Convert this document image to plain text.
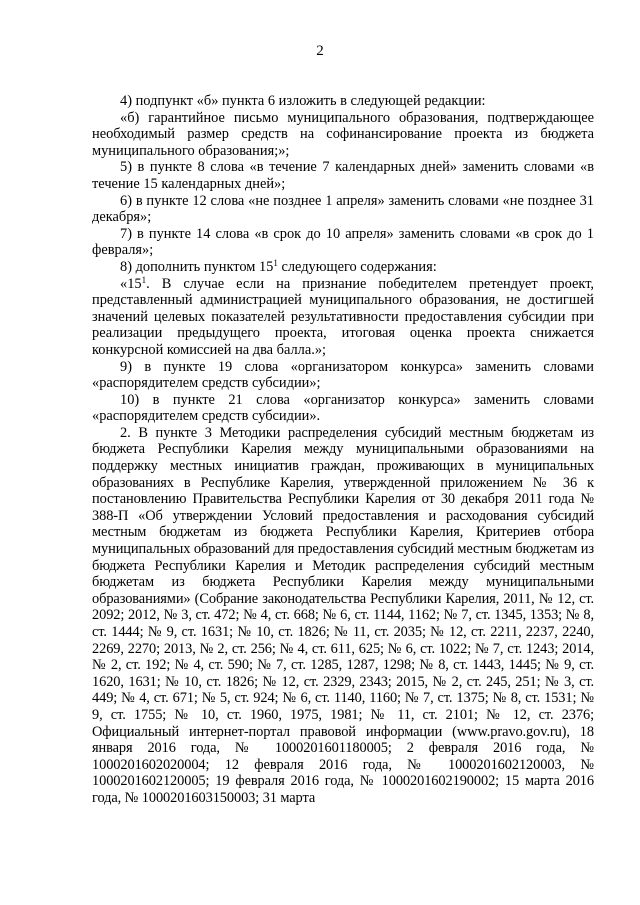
2

4) подпункт «б» пункта 6 изложить в следующей редакции:

«б) гарантийное письмо муниципального образования, подтверждающее необходимый размер средств на софинансирование проекта из бюджета муниципального образования;»;

5) в пункте 8 слова «в течение 7 календарных дней» заменить словами «в течение 15 календарных дней»;

6) в пункте 12 слова «не позднее 1 апреля» заменить словами «не позднее 31 декабря»;

7) в пункте 14 слова «в срок до 10 апреля» заменить словами «в срок до 1 февраля»;

8) дополнить пунктом $15^1$ следующего содержания:

«$15^1$. В случае если на признание победителем претендует проект, представленный администрацией муниципального образования, не достигшей значений целевых показателей результативности предоставления субсидии при реализации предыдущего проекта, итоговая оценка проекта снижается конкурсной комиссией на два балла.»;

9) в пункте 19 слова «организатором конкурса» заменить словами «распорядителем средств субсидии»;

10) в пункте 21 слова «организатор конкурса» заменить словами «распорядителем средств субсидии».

2. В пункте 3 Методики распределения субсидий местным бюджетам из бюджета Республики Карелия между муниципальными образованиями на поддержку местных инициатив граждан, проживающих в муниципальных образованиях в Республике Карелия, утвержденной приложением № 36 к постановлению Правительства Республики Карелия от 30 декабря 2011 года № 388-П «Об утверждении Условий предоставления и расходования субсидий местным бюджетам из бюджета Республики Карелия, Критериев отбора муниципальных образований для предоставления субсидий местным бюджетам из бюджета Республики Карелия и Методик распределения субсидий местным бюджетам из бюджета Республики Карелия между муниципальными образованиями» (Собрание законодательства Республики Карелия, 2011, № 12, ст. 2092; 2012, № 3, ст. 472; № 4, ст. 668; № 6, ст. 1144, 1162; № 7, ст. 1345, 1353; № 8, ст. 1444; № 9, ст. 1631; № 10, ст. 1826; № 11, ст. 2035; № 12, ст. 2211, 2237, 2240, 2269, 2270; 2013, № 2, ст. 256; № 4, ст. 611, 625; № 6, ст. 1022; № 7, ст. 1243; 2014, № 2, ст. 192; № 4, ст. 590; № 7, ст. 1285, 1287, 1298; № 8, ст. 1443, 1445; № 9, ст. 1620, 1631; № 10, ст. 1826; № 12, ст. 2329, 2343; 2015, № 2, ст. 245, 251; № 3, ст. 449; № 4, ст. 671; № 5, ст. 924; № 6, ст. 1140, 1160; № 7, ст. 1375; № 8, ст. 1531; № 9, ст. 1755; № 10, ст. 1960, 1975, 1981; № 11, ст. 2101; № 12, ст. 2376; Официальный интернет-портал правовой информации (www.pravo.gov.ru), 18 января 2016 года, № 1000201601180005; 2 февраля 2016 года, № 1000201602020004; 12 февраля 2016 года, № 1000201602120003, № 1000201602120005; 19 февраля 2016 года, № 1000201602190002; 15 марта 2016 года, № 1000201603150003; 31 марта
